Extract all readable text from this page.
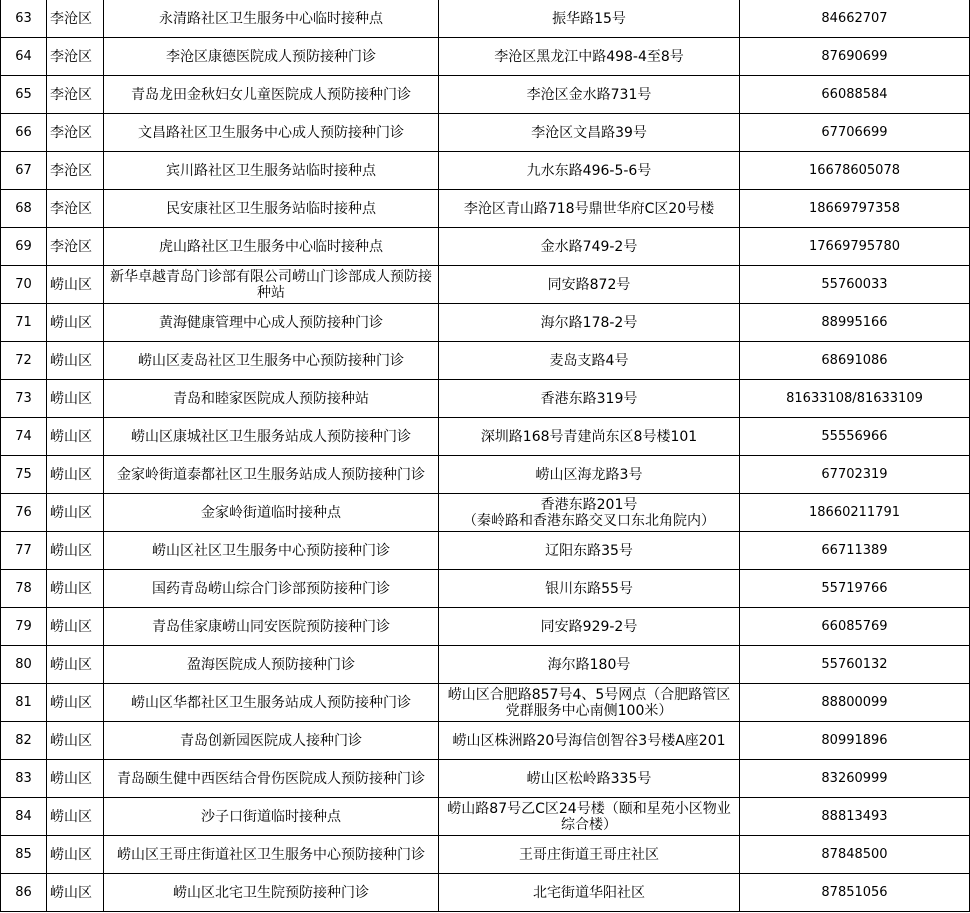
63	李沧区	永清路社区卫生服务中心临时接种点	振华路15号	84662707
64	李沧区	李沧区康德医院成人预防接种门诊	李沧区黑龙江中路498-4至8号	87690699
65	李沧区	青岛龙田金秋妇女儿童医院成人预防接种门诊	李沧区金水路731号	66088584
66	李沧区	文昌路社区卫生服务中心成人预防接种门诊	李沧区文昌路39号	67706699
67	李沧区	宾川路社区卫生服务站临时接种点	九水东路496-5-6号	16678605078
68	李沧区	民安康社区卫生服务站临时接种点	李沧区青山路718号鼎世华府C区20号楼	18669797358
69	李沧区	虎山路社区卫生服务中心临时接种点	金水路749-2号	17669795780
70	崂山区	新华卓越青岛门诊部有限公司崂山门诊部成人预防接种站	同安路872号	55760033
71	崂山区	黄海健康管理中心成人预防接种门诊	海尔路178-2号	88995166
72	崂山区	崂山区麦岛社区卫生服务中心预防接种门诊	麦岛支路4号	68691086
73	崂山区	青岛和睦家医院成人预防接种站	香港东路319号	81633108/81633109
74	崂山区	崂山区康城社区卫生服务站成人预防接种门诊	深圳路168号青建尚东区8号楼101	55556966
75	崂山区	金家岭街道泰都社区卫生服务站成人预防接种门诊	崂山区海龙路3号	67702319
76	崂山区	金家岭街道临时接种点	香港东路201号
（秦岭路和香港东路交叉口东北角院内）	18660211791
77	崂山区	崂山区社区卫生服务中心预防接种门诊	辽阳东路35号	66711389
78	崂山区	国药青岛崂山综合门诊部预防接种门诊	银川东路55号	55719766
79	崂山区	青岛佳家康崂山同安医院预防接种门诊	同安路929-2号	66085769
80	崂山区	盈海医院成人预防接种门诊	海尔路180号	55760132
81	崂山区	崂山区华都社区卫生服务站成人预防接种门诊	崂山区合肥路857号4、5号网点（合肥路管区党群服务中心南侧100米）	88800099
82	崂山区	青岛创新园医院成人接种门诊	崂山区株洲路20号海信创智谷3号楼A座201	80991896
83	崂山区	青岛颐生健中西医结合骨伤医院成人预防接种门诊	崂山区松岭路335号	83260999
84	崂山区	沙子口街道临时接种点	崂山路87号乙C区24号楼（颐和星苑小区物业综合楼）	88813493
85	崂山区	崂山区王哥庄街道社区卫生服务中心预防接种门诊	王哥庄街道王哥庄社区	87848500
86	崂山区	崂山区北宅卫生院预防接种门诊	北宅街道华阳社区	87851056
